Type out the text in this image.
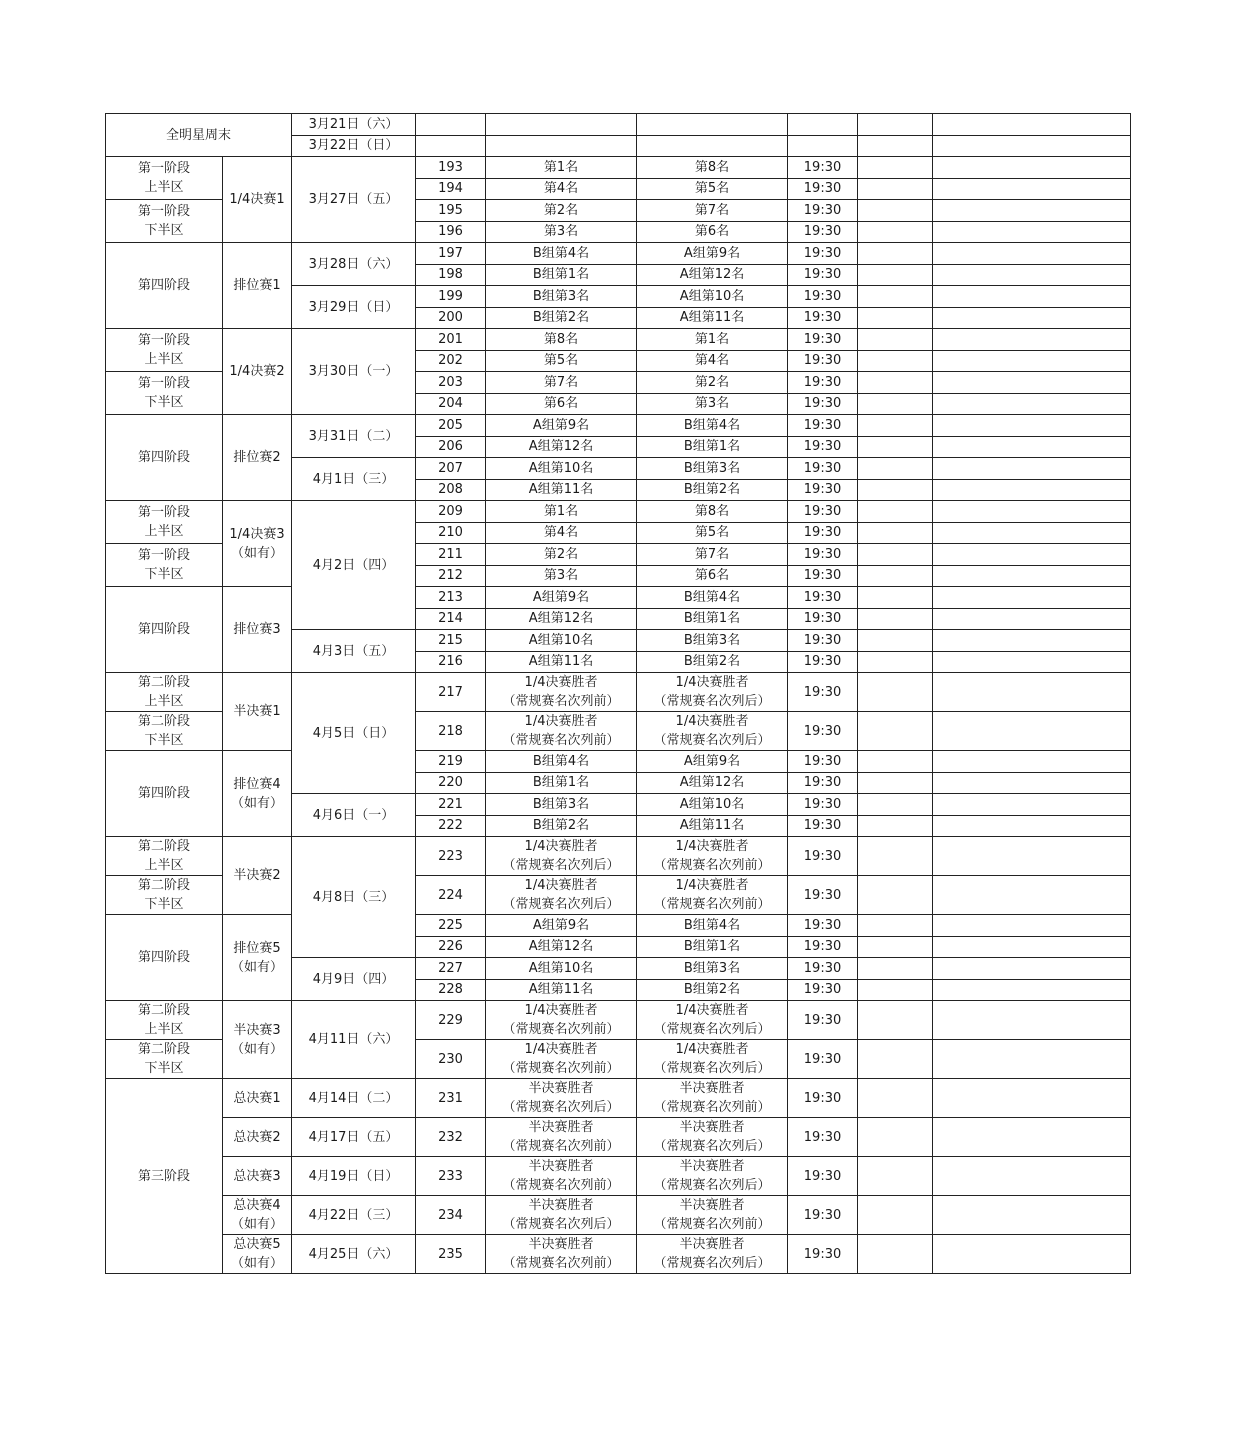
全明星周末		3月21日（六）						
		3月22日（日）						

第一阶段
上半区	1/4决赛1	3月27日（五）	193	第1名	第8名	19:30		
			194	第4名	第5名	19:30		

第一阶段
下半区			195	第2名	第7名	19:30		
			196	第3名	第6名	19:30		
第四阶段	排位赛1	3月28日（六）	197	B组第4名	A组第9名	19:30		
			198	B组第1名	A组第12名	19:30		
		3月29日（日）	199	B组第3名	A组第10名	19:30		
			200	B组第2名	A组第11名	19:30		

第一阶段
上半区	1/4决赛2	3月30日（一）	201	第8名	第1名	19:30		
			202	第5名	第4名	19:30		

第一阶段
下半区			203	第7名	第2名	19:30		
			204	第6名	第3名	19:30		
第四阶段	排位赛2	3月31日（二）	205	A组第9名	B组第4名	19:30		
			206	A组第12名	B组第1名	19:30		
		4月1日（三）	207	A组第10名	B组第3名	19:30		
			208	A组第11名	B组第2名	19:30		

第一阶段
上半区	1/4决赛3
（如有）	4月2日（四）	209	第1名	第8名	19:30		
			210	第4名	第5名	19:30		

第一阶段
下半区			211	第2名	第7名	19:30		
			212	第3名	第6名	19:30		
第四阶段	排位赛3		213	A组第9名	B组第4名	19:30		
			214	A组第12名	B组第1名	19:30		
		4月3日（五）	215	A组第10名	B组第3名	19:30		
			216	A组第11名	B组第2名	19:30		

第二阶段
上半区	半决赛1	4月5日（日）	217	1/4决赛胜者
（常规赛名次列前）	1/4决赛胜者
（常规赛名次列后）	19:30		

第二阶段
下半区			218	1/4决赛胜者
（常规赛名次列前）	1/4决赛胜者
（常规赛名次列后）	19:30		
第四阶段	排位赛4
（如有）		219	B组第4名	A组第9名	19:30		
			220	B组第1名	A组第12名	19:30		
		4月6日（一）	221	B组第3名	A组第10名	19:30		
			222	B组第2名	A组第11名	19:30		

第二阶段
上半区	半决赛2	4月8日（三）	223	1/4决赛胜者
（常规赛名次列后）	1/4决赛胜者
（常规赛名次列前）	19:30		

第二阶段
下半区			224	1/4决赛胜者
（常规赛名次列后）	1/4决赛胜者
（常规赛名次列前）	19:30		
第四阶段	排位赛5
（如有）		225	A组第9名	B组第4名	19:30		
			226	A组第12名	B组第1名	19:30		
		4月9日（四）	227	A组第10名	B组第3名	19:30		
			228	A组第11名	B组第2名	19:30		

第二阶段
上半区	半决赛3
（如有）	4月11日（六）	229	1/4决赛胜者
（常规赛名次列前）	1/4决赛胜者
（常规赛名次列后）	19:30		

第二阶段
下半区			230	1/4决赛胜者
（常规赛名次列前）	1/4决赛胜者
（常规赛名次列后）	19:30		
第三阶段	总决赛1	4月14日（二）	231	半决赛胜者
（常规赛名次列后）	半决赛胜者
（常规赛名次列前）	19:30		
	总决赛2	4月17日（五）	232	半决赛胜者
（常规赛名次列前）	半决赛胜者
（常规赛名次列后）	19:30		
	总决赛3	4月19日（日）	233	半决赛胜者
（常规赛名次列前）	半决赛胜者
（常规赛名次列后）	19:30		

	总决赛4
（如有）	4月22日（三）	234	半决赛胜者
（常规赛名次列后）	半决赛胜者
（常规赛名次列前）	19:30		

	总决赛5
（如有）	4月25日（六）	235	半决赛胜者
（常规赛名次列前）	半决赛胜者
（常规赛名次列后）	19:30		
